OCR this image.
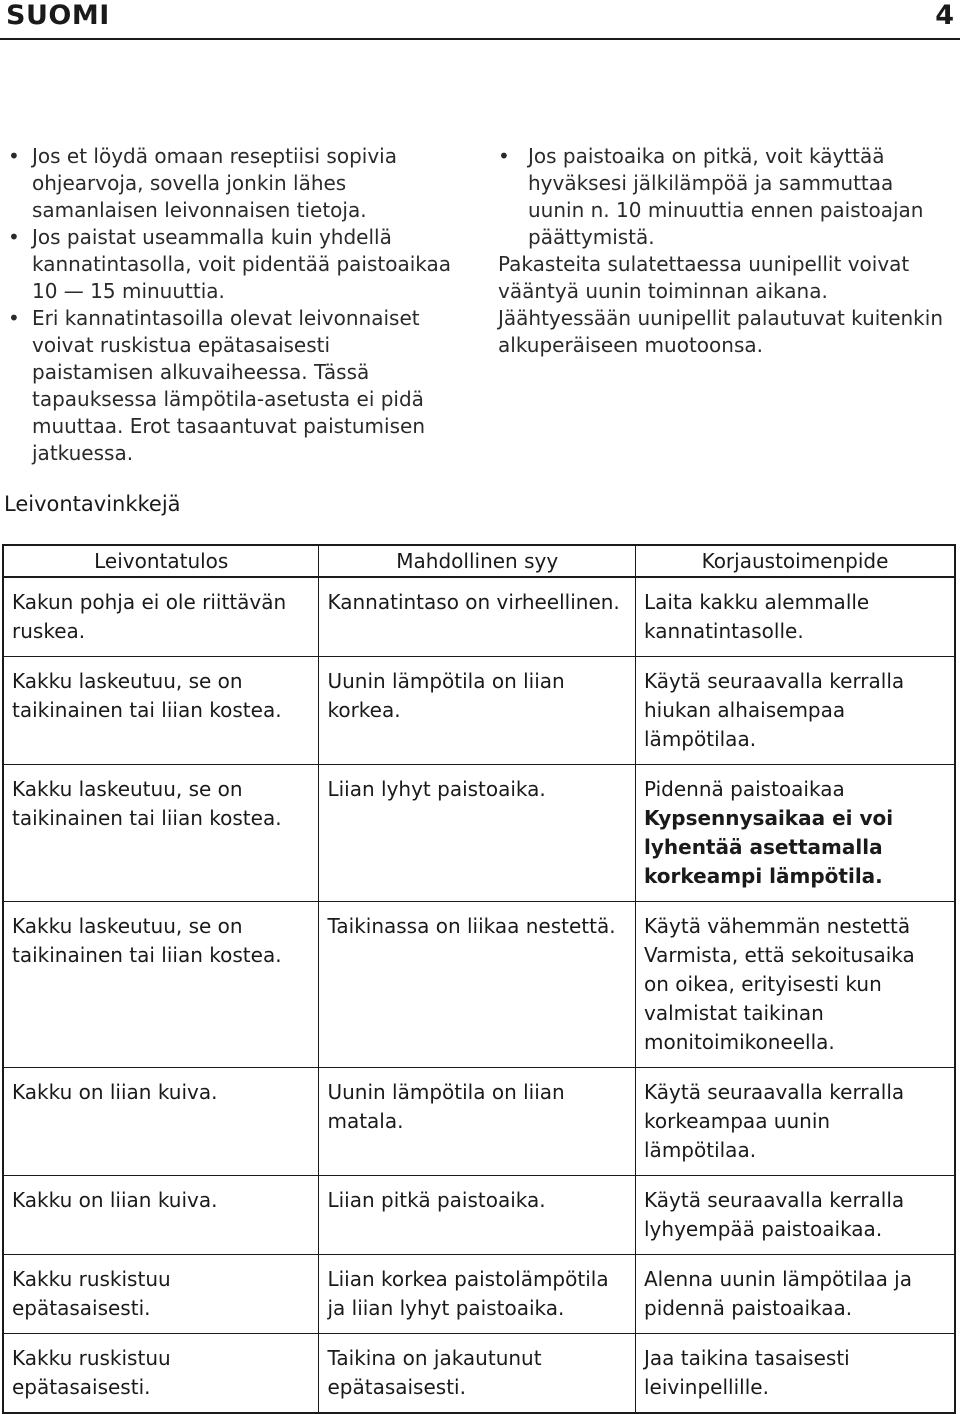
SUOMI	4
• Jos et löydä omaan reseptiisi sopivia ohjearvoja, sovella jonkin lähes samanlaisen leivonnaisen tietoja.
• Jos paistat useammalla kuin yhdellä kannatintasolla, voit pidentää paistoaikaa 10 — 15 minuuttia.
• Eri kannatintasoilla olevat leivonnaiset voivat ruskistua epätasaisesti paistamisen alkuvaiheessa. Tässä tapauksessa lämpötila-asetusta ei pidä muuttaa. Erot tasaantuvat paistumisen jatkuessa.
• Jos paistoaika on pitkä, voit käyttää hyväksesi jälkilämpöä ja sammuttaa uunin n. 10 minuuttia ennen paistoajan päättymistä.

Pakasteita sulatettaessa uunipellit voivat vääntyä uunin toiminnan aikana. Jäähtyessään uunipellit palautuvat kuitenkin alkuperäiseen muotoonsa.

Leivontavinkkejä
Leivontatulos	Mahdollinen syy	Korjaustoimenpide
Kakun pohja ei ole riittävän ruskea.	Kannatintaso on virheellinen.	Laita kakku alemmalle kannatintasolle.
Kakku laskeutuu, se on taikinainen tai liian kostea.	Uunin lämpötila on liian korkea.	Käytä seuraavalla kerralla hiukan alhaisempaa lämpötilaa.
Kakku laskeutuu, se on taikinainen tai liian kostea.	Liian lyhyt paistoaika.	Pidennä paistoaikaa Kypsennysaikaa ei voi lyhentää asettamalla korkeampi lämpötila.
Kakku laskeutuu, se on taikinainen tai liian kostea.	Taikinassa on liikaa nestettä.	Käytä vähemmän nestettä Varmista, että sekoitusaika on oikea, erityisesti kun valmistat taikinan monitoimikoneella.
Kakku on liian kuiva.	Uunin lämpötila on liian matala.	Käytä seuraavalla kerralla korkeampaa uunin lämpötilaa.
Kakku on liian kuiva.	Liian pitkä paistoaika.	Käytä seuraavalla kerralla lyhyempää paistoaikaa.
Kakku ruskistuu epätasaisesti.	Liian korkea paistolämpötila ja liian lyhyt paistoaika.	Alenna uunin lämpötilaa ja pidennä paistoaikaa.
Kakku ruskistuu epätasaisesti.	Taikina on jakautunut epätasaisesti.	Jaa taikina tasaisesti leivinpellille.
